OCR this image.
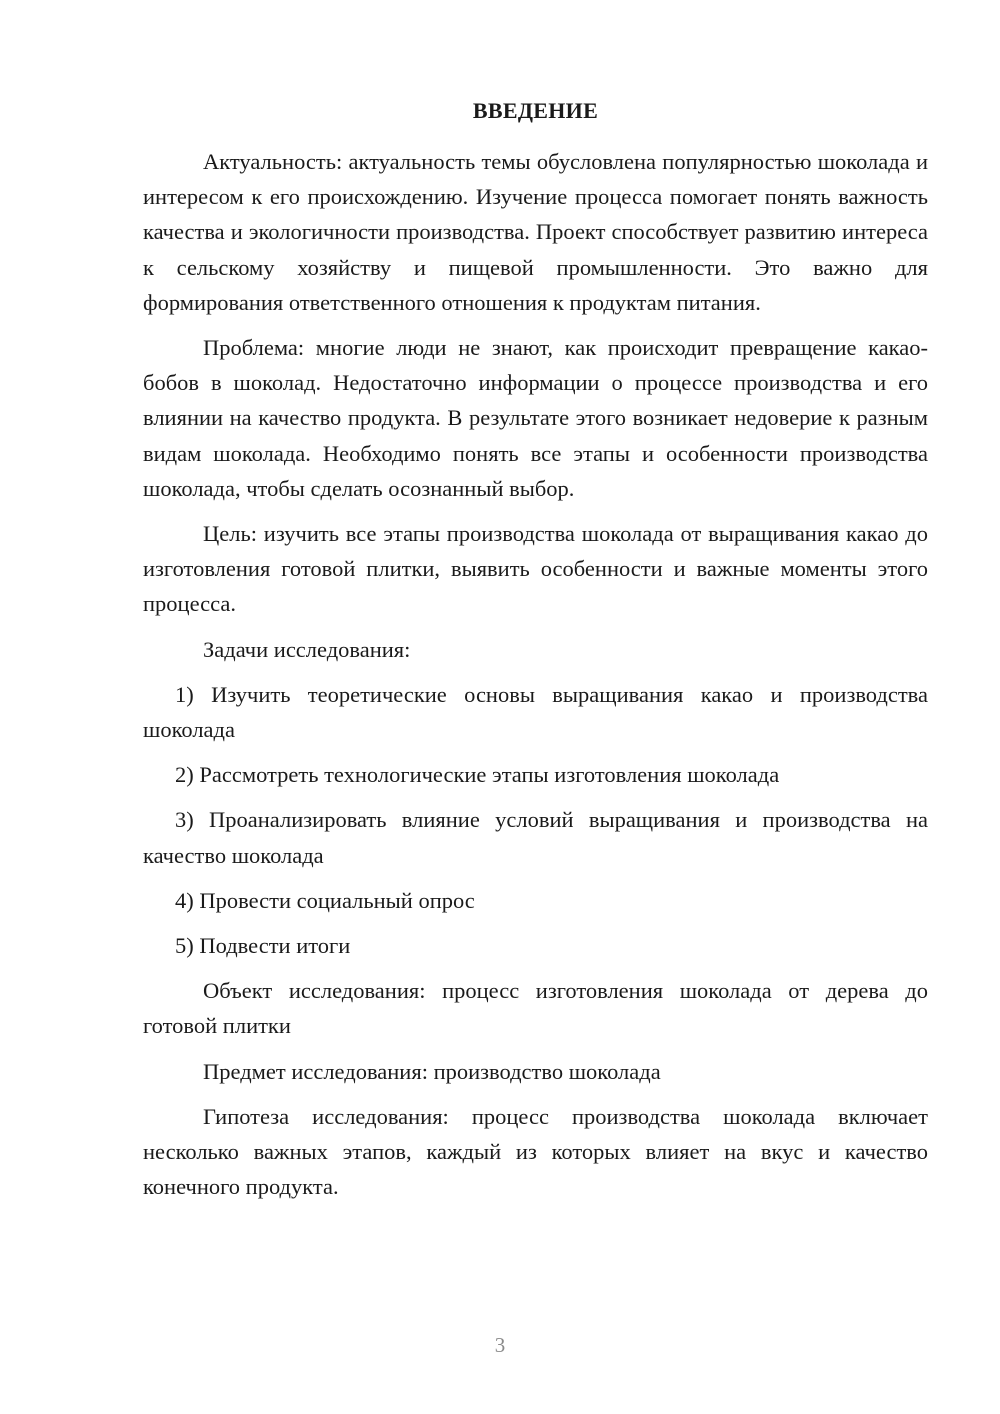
ВВЕДЕНИЕ

Актуальность: актуальность темы обусловлена популярностью шоколада и интересом к его происхождению. Изучение процесса помогает понять важность качества и экологичности производства. Проект способствует развитию интереса к сельскому хозяйству и пищевой промышленности. Это важно для формирования ответственного отношения к продуктам питания.

Проблема: многие люди не знают, как происходит превращение какао-бобов в шоколад. Недостаточно информации о процессе производства и его влиянии на качество продукта. В результате этого возникает недоверие к разным видам шоколада. Необходимо понять все этапы и особенности производства шоколада, чтобы сделать осознанный выбор.

Цель: изучить все этапы производства шоколада от выращивания какао до изготовления готовой плитки, выявить особенности и важные моменты этого процесса.

Задачи исследования:

1) Изучить теоретические основы выращивания какао и производства шоколада

2) Рассмотреть технологические этапы изготовления шоколада

3) Проанализировать влияние условий выращивания и производства на качество шоколада

4) Провести социальный опрос

5) Подвести итоги

Объект исследования: процесс изготовления шоколада от дерева до готовой плитки

Предмет исследования: производство шоколада

Гипотеза исследования: процесс производства шоколада включает несколько важных этапов, каждый из которых влияет на вкус и качество конечного продукта.

3
